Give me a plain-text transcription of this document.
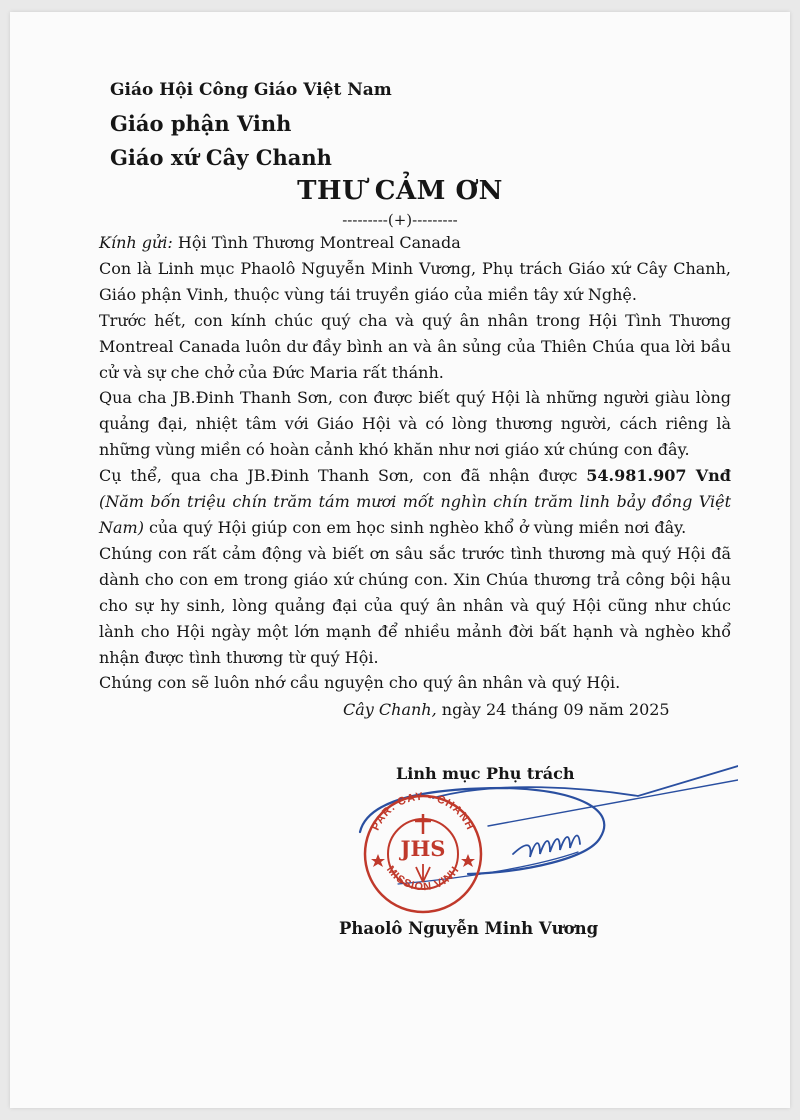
Giáo Hội Công Giáo Việt Nam
Giáo phận Vinh
Giáo xứ Cây Chanh
THƯ CẢM ƠN
---------(+)---------

Kính gửi: Hội Tình Thương Montreal Canada

Con là Linh mục Phaolô Nguyễn Minh Vương, Phụ trách Giáo xứ Cây Chanh, Giáo phận Vinh, thuộc vùng tái truyền giáo của miền tây xứ Nghệ.

Trước hết, con kính chúc quý cha và quý ân nhân trong Hội Tình Thương Montreal Canada luôn dư đầy bình an và ân sủng của Thiên Chúa qua lời bầu cử và sự che chở của Đức Maria rất thánh.

Qua cha JB.Đinh Thanh Sơn, con được biết quý Hội là những người giàu lòng quảng đại, nhiệt tâm với Giáo Hội và có lòng thương người, cách riêng là những vùng miền có hoàn cảnh khó khăn như nơi giáo xứ chúng con đây.

Cụ thể, qua cha JB.Đinh Thanh Sơn, con đã nhận được 54.981.907 Vnđ (Năm bốn triệu chín trăm tám mươi mốt nghìn chín trăm linh bảy đồng Việt Nam) của quý Hội giúp con em học sinh nghèo khổ ở vùng miền nơi đây.

Chúng con rất cảm động và biết ơn sâu sắc trước tình thương mà quý Hội đã dành cho con em trong giáo xứ chúng con. Xin Chúa thương trả công bội hậu cho sự hy sinh, lòng quảng đại của quý ân nhân và quý Hội cũng như chúc lành cho Hội ngày một lớn mạnh để nhiều mảnh đời bất hạnh và nghèo khổ nhận được tình thương từ quý Hội.

Chúng con sẽ luôn nhớ cầu nguyện cho quý ân nhân và quý Hội.

Cây Chanh, ngày 24 tháng 09 năm 2025
Linh mục Phụ trách
PAR. CAY - CHANH
MISSION VINH
JHS
Phaolô Nguyễn Minh Vương
